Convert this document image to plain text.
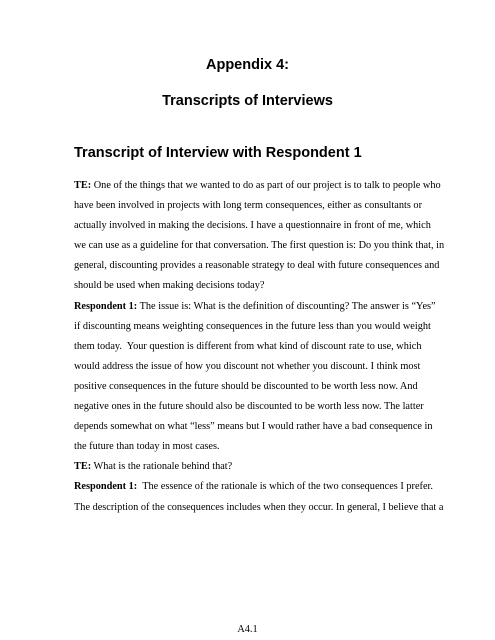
Appendix 4:
Transcripts of Interviews
Transcript of Interview with Respondent 1
TE: One of the things that we wanted to do as part of our project is to talk to people who
have been involved in projects with long term consequences, either as consultants or
actually involved in making the decisions. I have a questionnaire in front of me, which
we can use as a guideline for that conversation. The first question is: Do you think that, in
general, discounting provides a reasonable strategy to deal with future consequences and
should be used when making decisions today?
Respondent 1: The issue is: What is the definition of discounting? The answer is “Yes”
if discounting means weighting consequences in the future less than you would weight
them today.  Your question is different from what kind of discount rate to use, which
would address the issue of how you discount not whether you discount. I think most
positive consequences in the future should be discounted to be worth less now. And
negative ones in the future should also be discounted to be worth less now. The latter
depends somewhat on what “less” means but I would rather have a bad consequence in
the future than today in most cases.
TE: What is the rationale behind that?
Respondent 1:  The essence of the rationale is which of the two consequences I prefer.
The description of the consequences includes when they occur. In general, I believe that a
A4.1
